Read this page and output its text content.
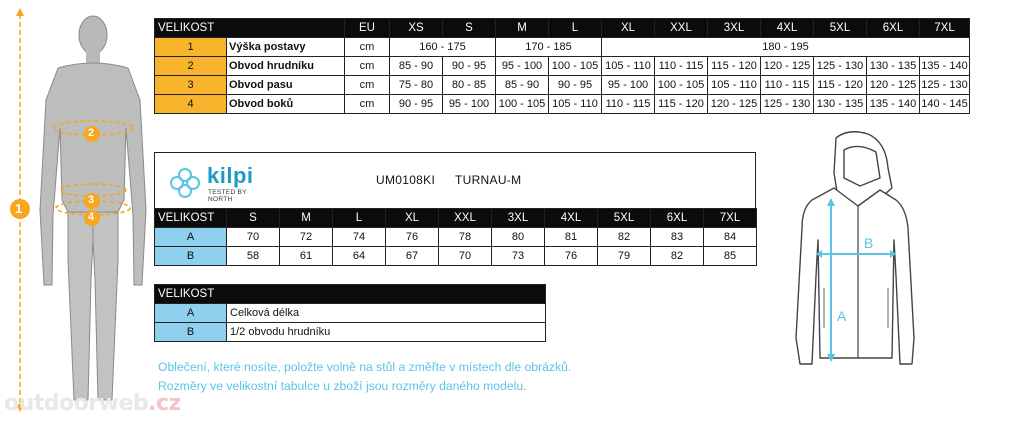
1
2
3
4
VELIKOST		EU	XS	S	M	L	XL	XXL	3XL	4XL	5XL	6XL	7XL
1	Výška postavy	cm	160 - 175		170 - 185		180 - 195						
2	Obvod hrudníku	cm	85 - 90	90 - 95	95 - 100	100 - 105	105 - 110	110 - 115	115 - 120	120 - 125	125 - 130	130 - 135	135 - 140
3	Obvod pasu	cm	75 - 80	80 - 85	85 - 90	90 - 95	95 - 100	100 - 105	105 - 110	110 - 115	115 - 120	120 - 125	125 - 130
4	Obvod boků	cm	90 - 95	95 - 100	100 - 105	105 - 110	110 - 115	115 - 120	120 - 125	125 - 130	130 - 135	135 - 140	140 - 145
kilpi
TESTED BY NORTH
UM0108KI TURNAU-M
VELIKOST	S	M	L	XL	XXL	3XL	4XL	5XL	6XL	7XL
A	70	72	74	76	78	80	81	82	83	84
B	58	61	64	67	70	73	76	79	82	85
VELIKOST	
A	Celková délka
B	1/2 obvodu hrudníku
Oblečení, které nosíte, položte volně na stůl a změřte v místech dle obrázků.
Rozměry ve velikostní tabulce u zboží jsou rozměry daného modelu.
outdoorweb.cz
B
A
